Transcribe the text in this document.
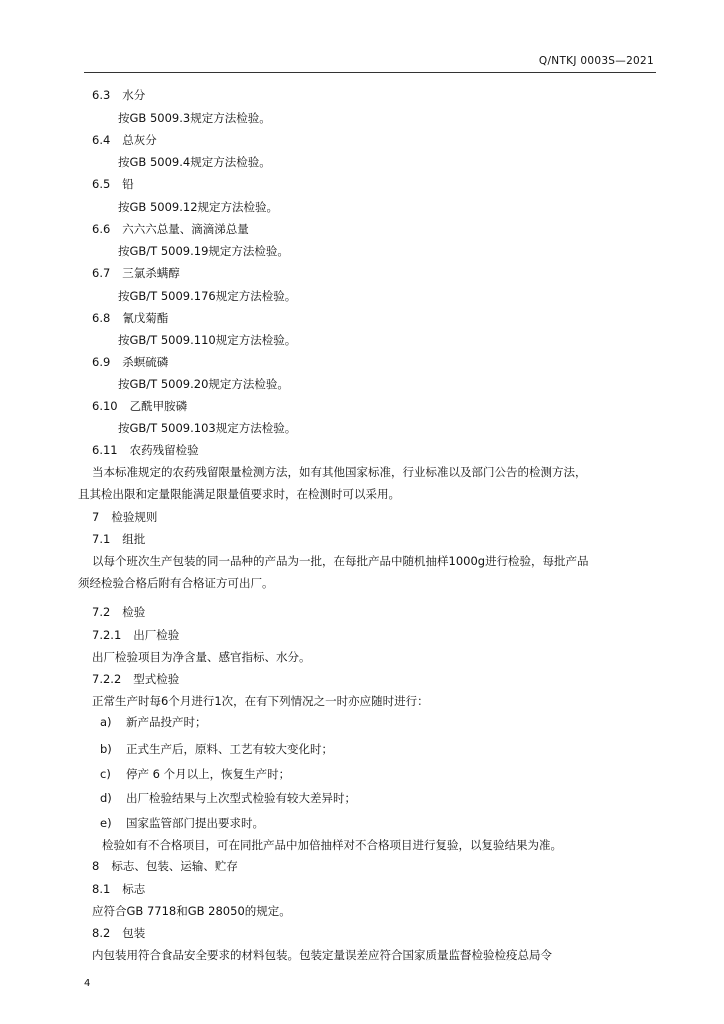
Q/NTKJ 0003S—2021
6.3 水分
按GB 5009.3规定方法检验。
6.4 总灰分
按GB 5009.4规定方法检验。
6.5 铅
按GB 5009.12规定方法检验。
6.6 六六六总量、滴滴涕总量
按GB/T 5009.19规定方法检验。
6.7 三氯杀螨醇
按GB/T 5009.176规定方法检验。
6.8 氰戊菊酯
按GB/T 5009.110规定方法检验。
6.9 杀螟硫磷
按GB/T 5009.20规定方法检验。
6.10 乙酰甲胺磷
按GB/T 5009.103规定方法检验。
6.11 农药残留检验
当本标准规定的农药残留限量检测方法，如有其他国家标准，行业标准以及部门公告的检测方法，
且其检出限和定量限能满足限量值要求时，在检测时可以采用。
7 检验规则
7.1 组批
以每个班次生产包装的同一品种的产品为一批，在每批产品中随机抽样1000g进行检验，每批产品
须经检验合格后附有合格证方可出厂。
7.2 检验
7.2.1 出厂检验
出厂检验项目为净含量、感官指标、水分。
7.2.2 型式检验
正常生产时每6个月进行1次，在有下列情况之一时亦应随时进行：
a) 新产品投产时；
b) 正式生产后，原料、工艺有较大变化时；
c) 停产 6 个月以上，恢复生产时；
d) 出厂检验结果与上次型式检验有较大差异时；
e) 国家监管部门提出要求时。
检验如有不合格项目，可在同批产品中加倍抽样对不合格项目进行复验，以复验结果为准。
8 标志、包装、运输、贮存
8.1 标志
应符合GB 7718和GB 28050的规定。
8.2 包装
内包装用符合食品安全要求的材料包装。包装定量误差应符合国家质量监督检验检疫总局令
4
